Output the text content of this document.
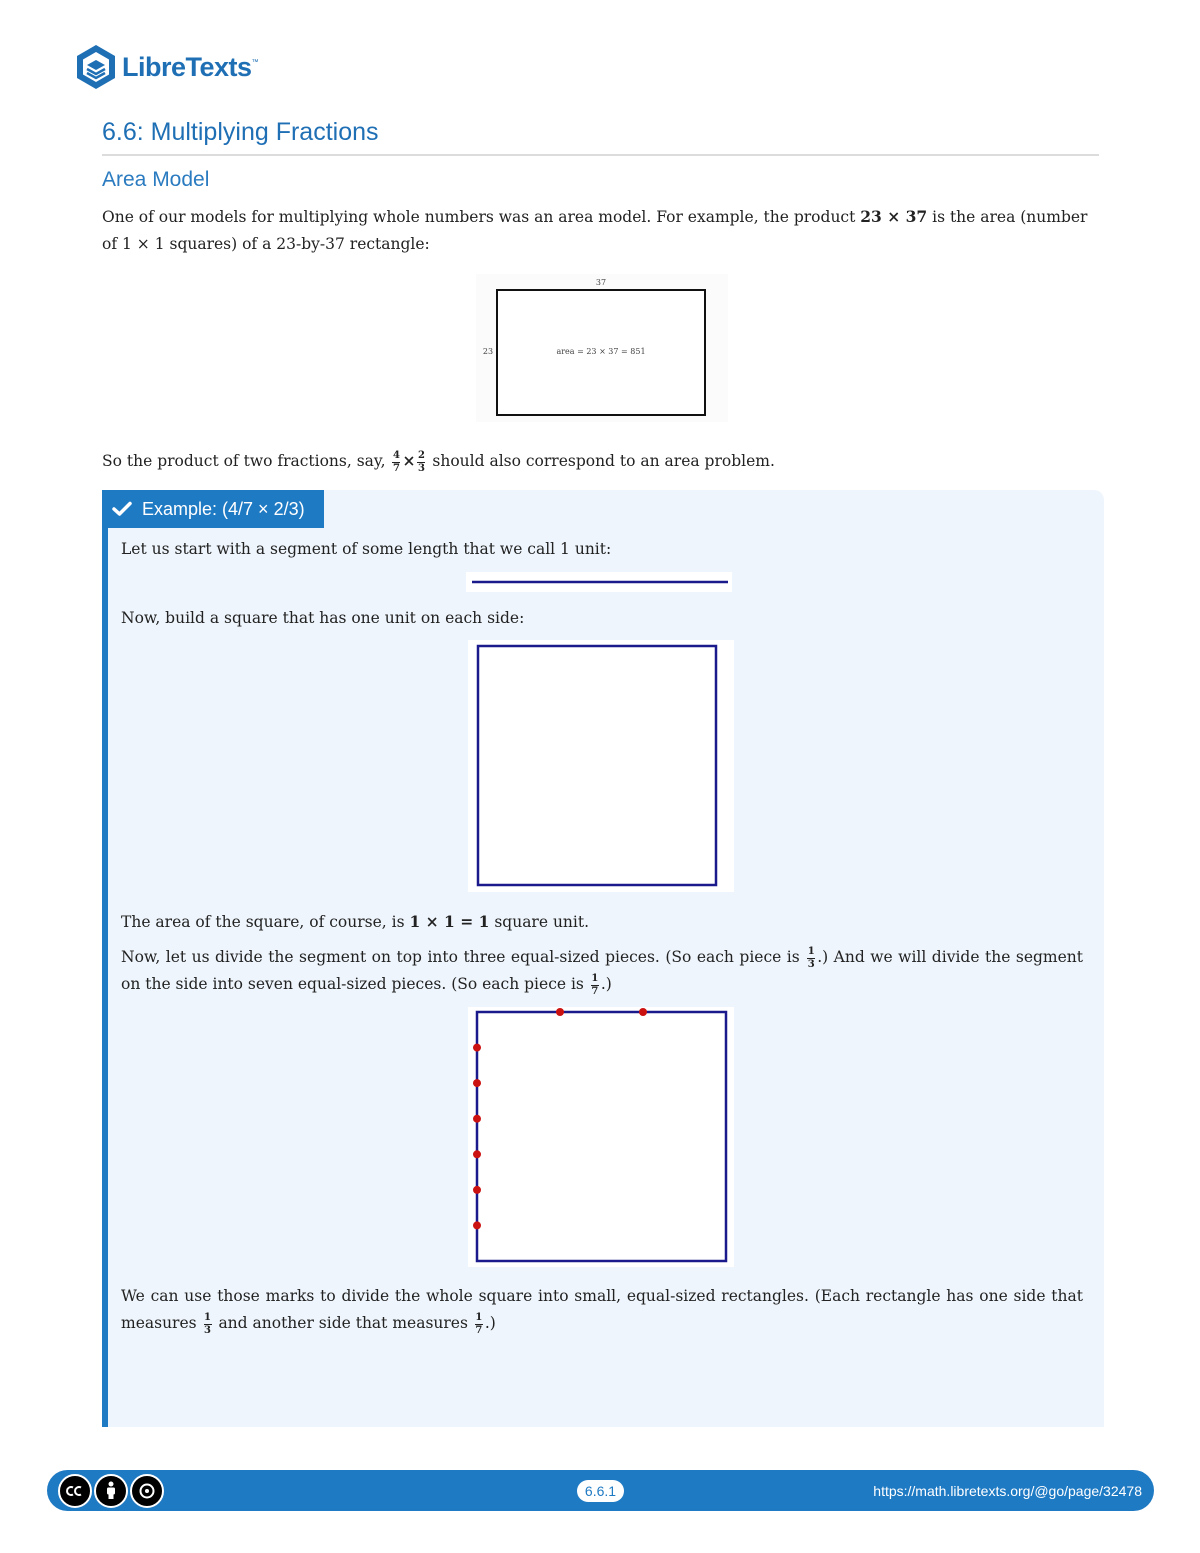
LibreTexts ™
6.6: Multiplying Fractions
Area Model
One of our models for multiplying whole numbers was an area model. For example, the product 23 × 37 is the area (number of 1 × 1 squares) of a 23-by-37 rectangle:
37
23	area = 23 × 37 = 851
So the product of two fractions, say, $\frac{4}{7} \times \frac{2}{3}$ should also correspond to an area problem.
Example: (4/7 × 2/3)
Let us start with a segment of some length that we call 1 unit:
Now, build a square that has one unit on each side:
The area of the square, of course, is 1 × 1 = 1 square unit.
Now, let us divide the segment on top into three equal-sized pieces. (So each piece is $\frac{1}{3}$ .) And we will divide the segment on the side into seven equal-sized pieces. (So each piece is $\frac{1}{7}$ .)
We can use those marks to divide the whole square into small, equal-sized rectangles. (Each rectangle has one side that measures $\frac{1}{3}$ and another side that measures $\frac{1}{7}$ .)
6.6.1	https://math.libretexts.org/@go/page/32478
